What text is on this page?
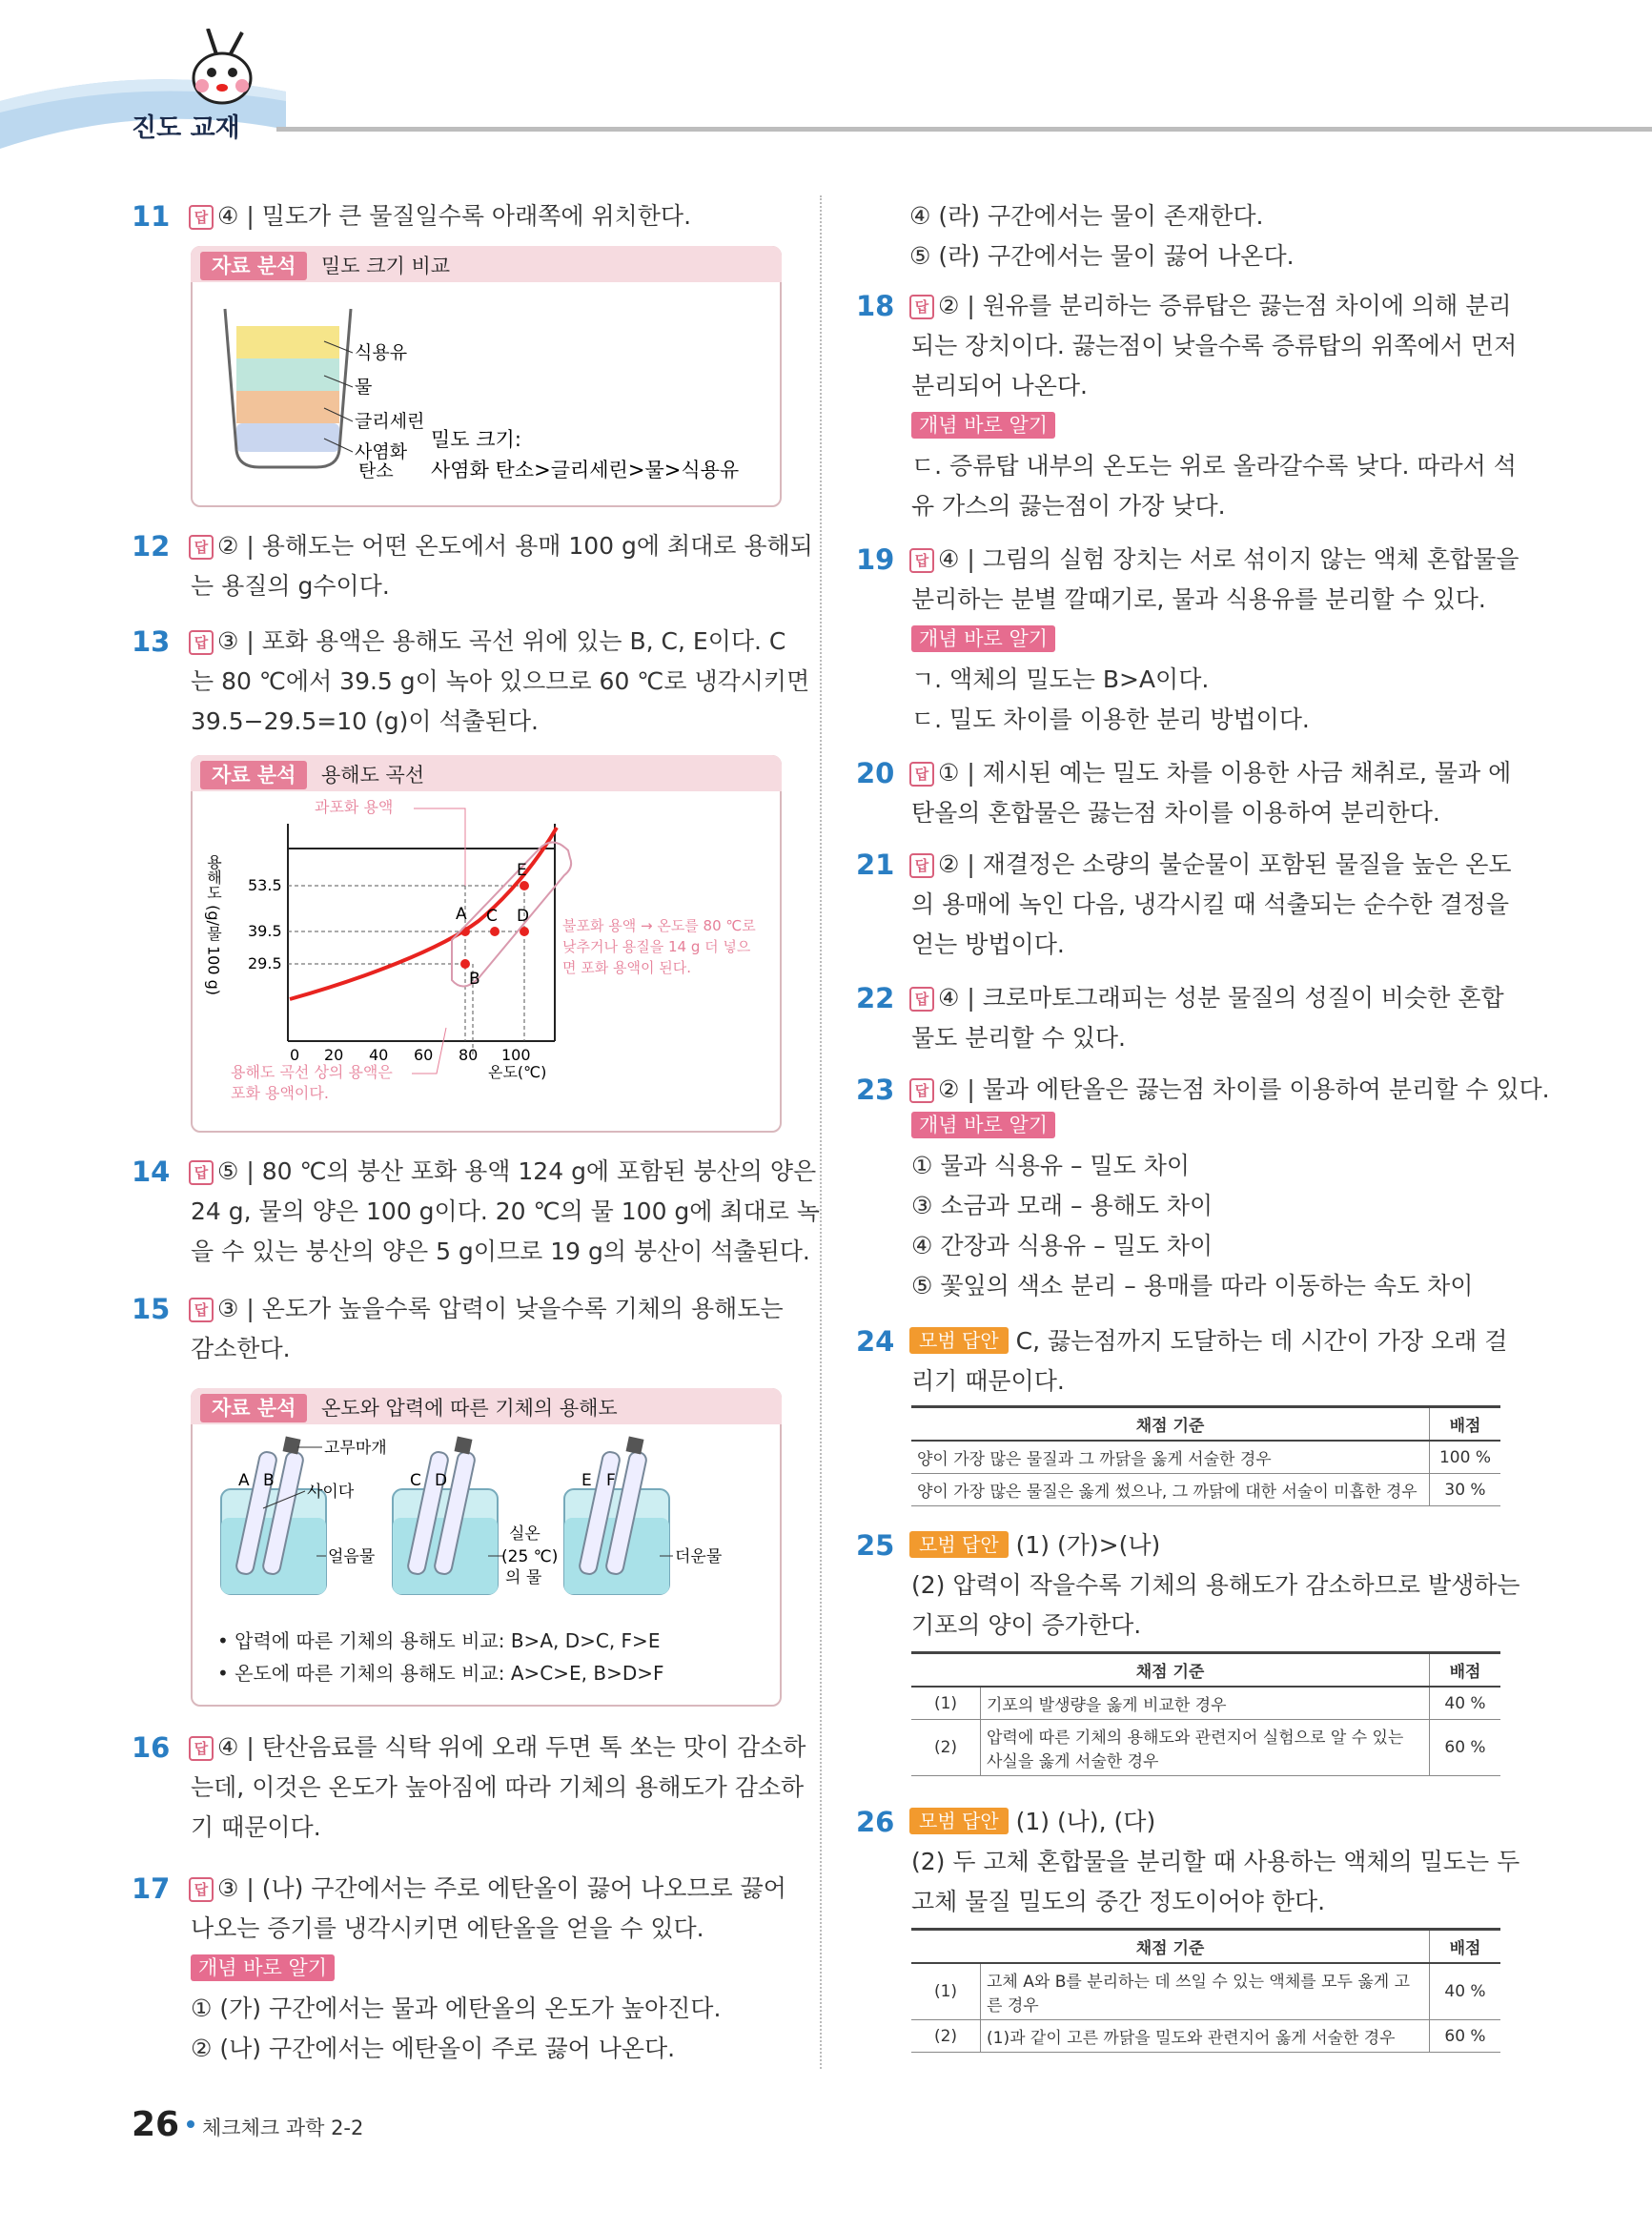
진도 교재
11	답 ④ | 밀도가 큰 물질일수록 아래쪽에 위치한다.
자료 분석	밀도 크기 비교
식용유
물
글리세린
사염화
탄소
밀도 크기:
사염화 탄소>글리세린>물>식용유
12	답 ② | 용해도는 어떤 온도에서 용매 100 g에 최대로 용해되
는 용질의 g수이다.
13	답 ③ | 포화 용액은 용해도 곡선 위에 있는 B, C, E이다. C
는 80 ℃에서 39.5 g이 녹아 있으므로 60 ℃로 냉각시키면
39.5−29.5=10 (g)이 석출된다.
자료 분석	용해도 곡선
용해도 (g/물 100 g) 53.5
39.5
29.5
A
B
C D
E
0 20 40 60 80 100
온도(℃)
과포화 용액
불포화 용액 → 온도를 80 ℃로
낮추거나 용질을 14 g 더 넣으
면 포화 용액이 된다.
용해도 곡선 상의 용액은
포화 용액이다.
14	답 ⑤ | 80 ℃의 붕산 포화 용액 124 g에 포함된 붕산의 양은
24 g, 물의 양은 100 g이다. 20 ℃의 물 100 g에 최대로 녹
을 수 있는 붕산의 양은 5 g이므로 19 g의 붕산이 석출된다.
15	답 ③ | 온도가 높을수록 압력이 낮을수록 기체의 용해도는
감소한다.
자료 분석	온도와 압력에 따른 기체의 용해도
A B	C D	E F
고무마개
사이다
얼음물
실온
(25 ℃)
의 물
더운물
• 압력에 따른 기체의 용해도 비교: B>A, D>C, F>E
• 온도에 따른 기체의 용해도 비교: A>C>E, B>D>F
16	답 ④ | 탄산음료를 식탁 위에 오래 두면 톡 쏘는 맛이 감소하
는데, 이것은 온도가 높아짐에 따라 기체의 용해도가 감소하
기 때문이다.
17	답 ③ | (나) 구간에서는 주로 에탄올이 끓어 나오므로 끓어
나오는 증기를 냉각시키면 에탄올을 얻을 수 있다.
개념 바로 알기
① (가) 구간에서는 물과 에탄올의 온도가 높아진다.
② (나) 구간에서는 에탄올이 주로 끓어 나온다.
④ (라) 구간에서는 물이 존재한다.
⑤ (라) 구간에서는 물이 끓어 나온다.
18	답 ② | 원유를 분리하는 증류탑은 끓는점 차이에 의해 분리
되는 장치이다. 끓는점이 낮을수록 증류탑의 위쪽에서 먼저
분리되어 나온다.
개념 바로 알기
ㄷ. 증류탑 내부의 온도는 위로 올라갈수록 낮다. 따라서 석
유 가스의 끓는점이 가장 낮다.
19	답 ④ | 그림의 실험 장치는 서로 섞이지 않는 액체 혼합물을
분리하는 분별 깔때기로, 물과 식용유를 분리할 수 있다.
개념 바로 알기
ㄱ. 액체의 밀도는 B>A이다.
ㄷ. 밀도 차이를 이용한 분리 방법이다.
20	답 ① | 제시된 예는 밀도 차를 이용한 사금 채취로, 물과 에
탄올의 혼합물은 끓는점 차이를 이용하여 분리한다.
21	답 ② | 재결정은 소량의 불순물이 포함된 물질을 높은 온도
의 용매에 녹인 다음, 냉각시킬 때 석출되는 순수한 결정을
얻는 방법이다.
22	답 ④ | 크로마토그래피는 성분 물질의 성질이 비슷한 혼합
물도 분리할 수 있다.
23	답 ② | 물과 에탄올은 끓는점 차이를 이용하여 분리할 수 있다.
개념 바로 알기
① 물과 식용유 – 밀도 차이
③ 소금과 모래 – 용해도 차이
④ 간장과 식용유 – 밀도 차이
⑤ 꽃잎의 색소 분리 – 용매를 따라 이동하는 속도 차이
24	모범 답안 C, 끓는점까지 도달하는 데 시간이 가장 오래 걸
리기 때문이다.
채점 기준	배점
양이 가장 많은 물질과 그 까닭을 옳게 서술한 경우	100 %
양이 가장 많은 물질은 옳게 썼으나, 그 까닭에 대한 서술이 미흡한 경우	30 %
25	모범 답안 (1) (가)>(나)
(2) 압력이 작을수록 기체의 용해도가 감소하므로 발생하는
기포의 양이 증가한다.
채점 기준		배점
(1)	기포의 발생량을 옳게 비교한 경우	40 %
(2)	압력에 따른 기체의 용해도와 관련지어 실험으로 알 수 있는 사실을 옳게 서술한 경우	60 %
26	모범 답안 (1) (나), (다)
(2) 두 고체 혼합물을 분리할 때 사용하는 액체의 밀도는 두
고체 물질 밀도의 중간 정도이어야 한다.
채점 기준		배점
(1)	고체 A와 B를 분리하는 데 쓰일 수 있는 액체를 모두 옳게 고른 경우	40 %
(2)	(1)과 같이 고른 까닭을 밀도와 관련지어 옳게 서술한 경우	60 %
26 체크체크 과학 2-2
